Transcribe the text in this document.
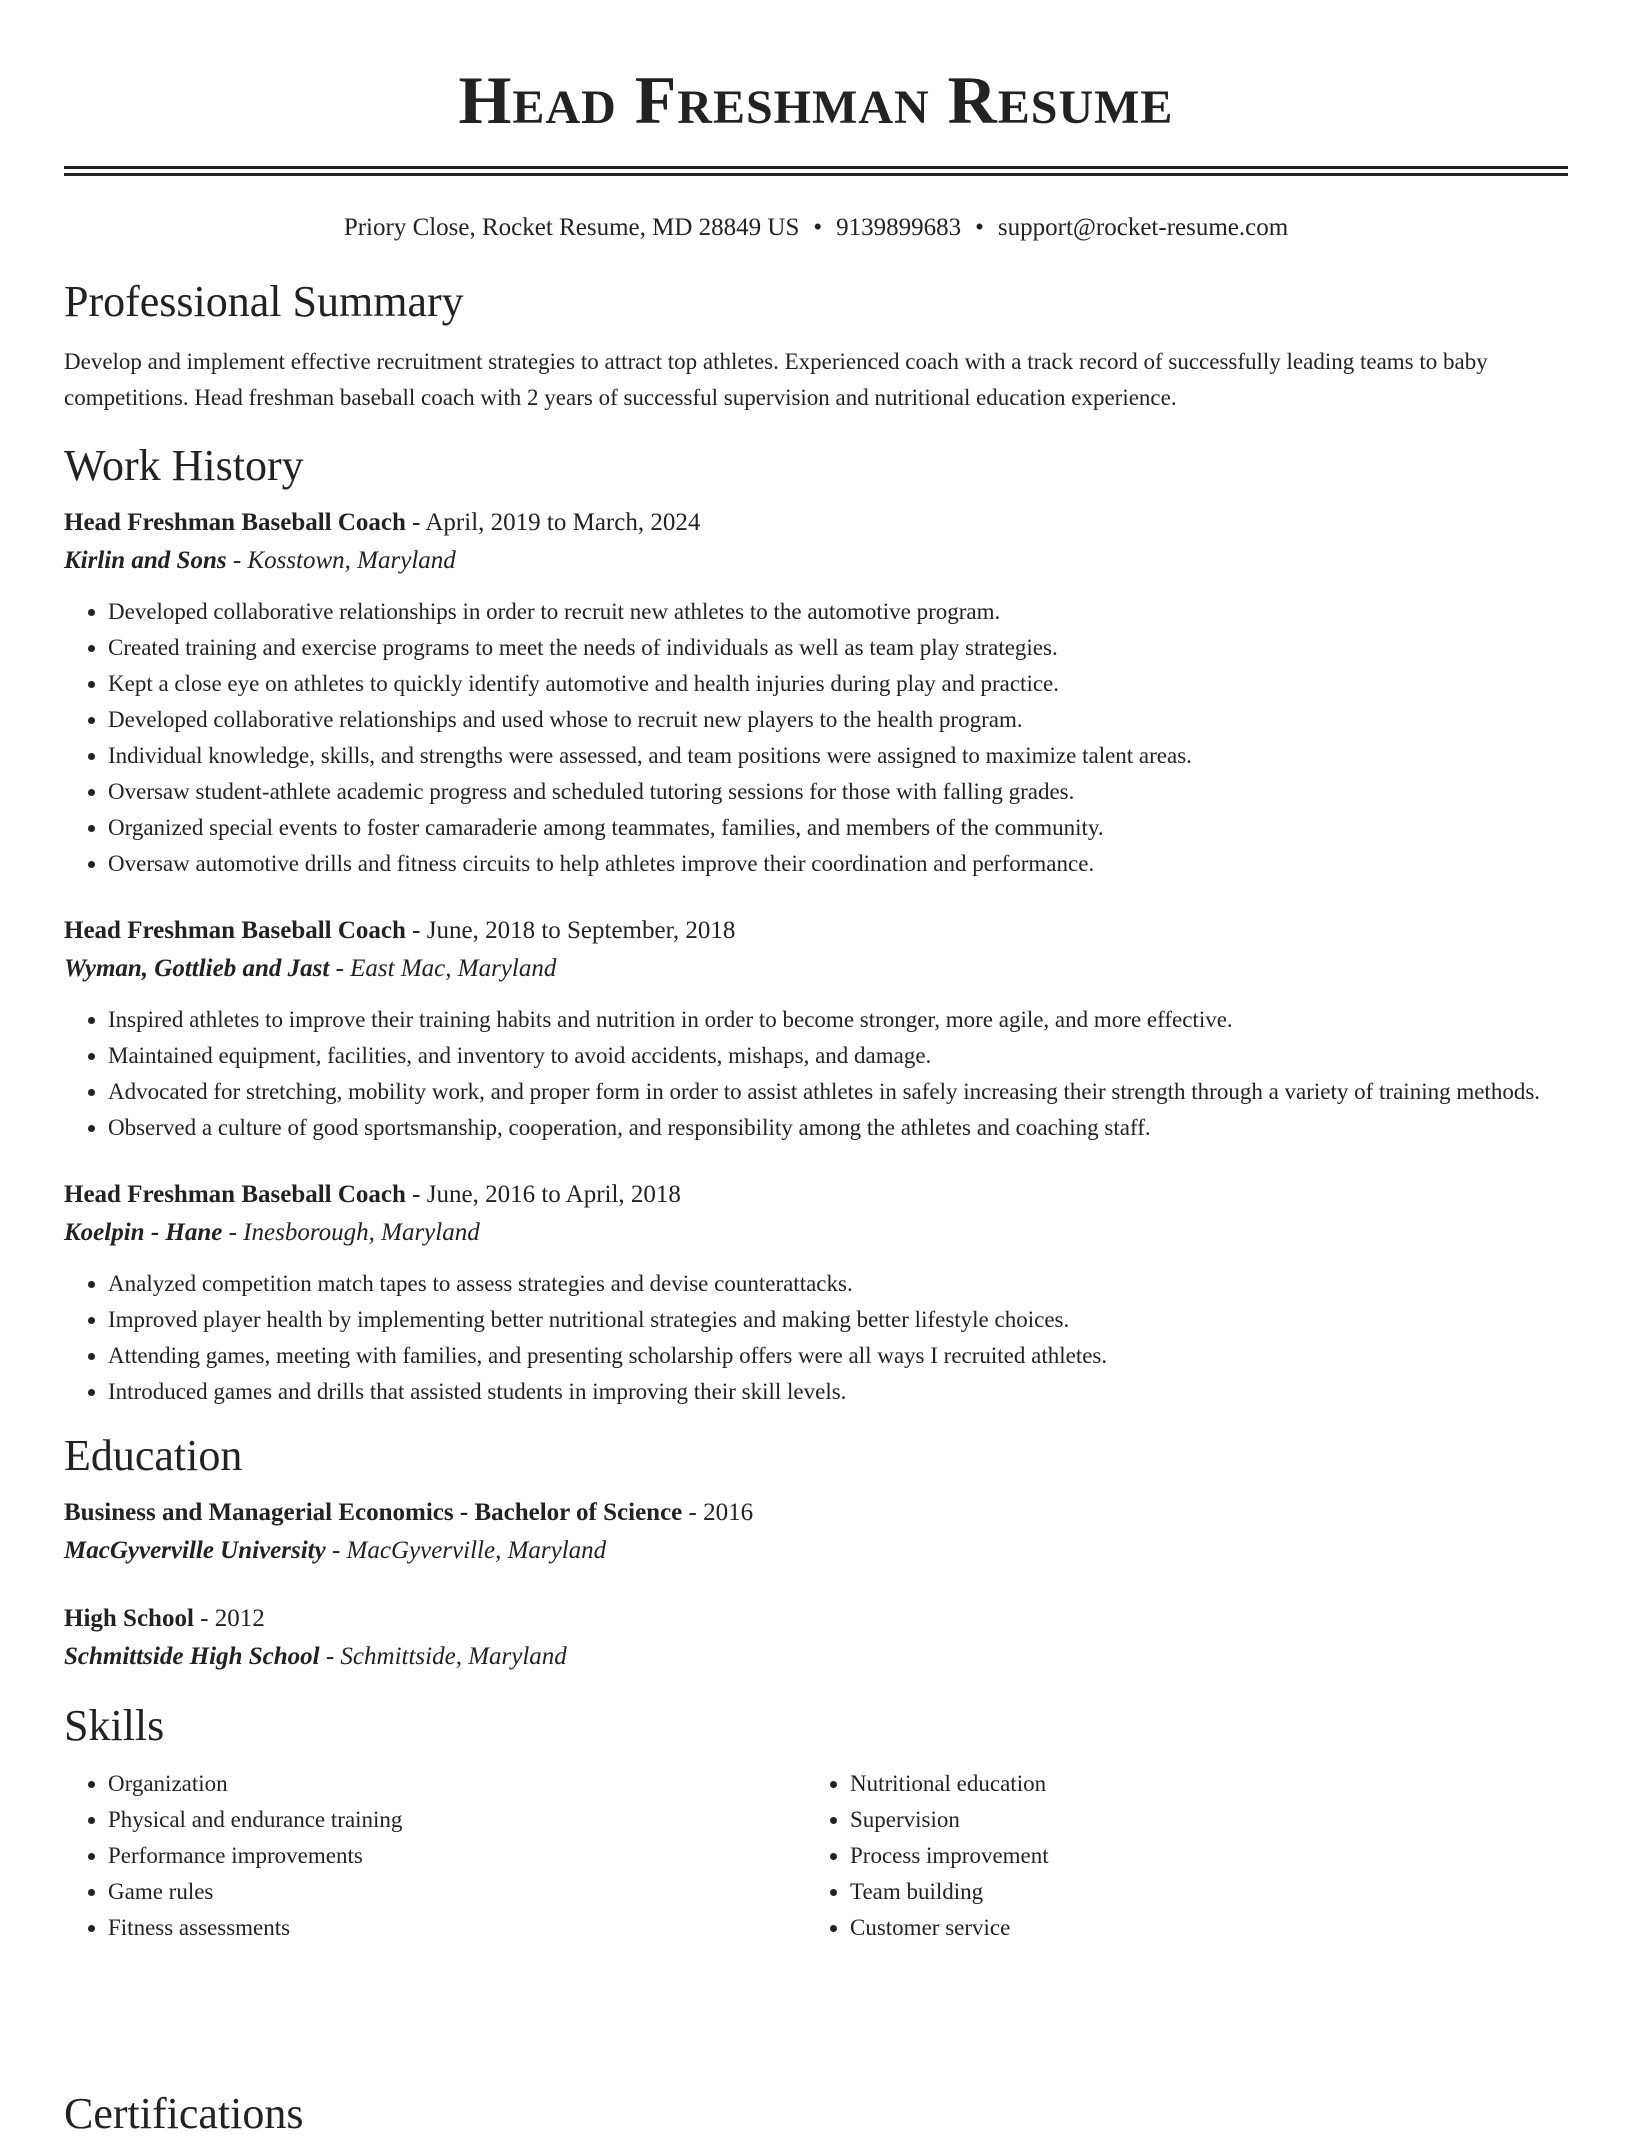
Head Freshman Resume
Priory Close, Rocket Resume, MD 28849 US • 9139899683 • support@rocket-resume.com
Professional Summary

Develop and implement effective recruitment strategies to attract top athletes. Experienced coach with a track record of successfully leading teams to baby competitions. Head freshman baseball coach with 2 years of successful supervision and nutritional education experience.

Work History
Head Freshman Baseball Coach - April, 2019 to March, 2024
Kirlin and Sons - Kosstown, Maryland
• Developed collaborative relationships in order to recruit new athletes to the automotive program.
• Created training and exercise programs to meet the needs of individuals as well as team play strategies.
• Kept a close eye on athletes to quickly identify automotive and health injuries during play and practice.
• Developed collaborative relationships and used whose to recruit new players to the health program.
• Individual knowledge, skills, and strengths were assessed, and team positions were assigned to maximize talent areas.
• Oversaw student-athlete academic progress and scheduled tutoring sessions for those with falling grades.
• Organized special events to foster camaraderie among teammates, families, and members of the community.
• Oversaw automotive drills and fitness circuits to help athletes improve their coordination and performance.
Head Freshman Baseball Coach - June, 2018 to September, 2018
Wyman, Gottlieb and Jast - East Mac, Maryland
• Inspired athletes to improve their training habits and nutrition in order to become stronger, more agile, and more effective.
• Maintained equipment, facilities, and inventory to avoid accidents, mishaps, and damage.
• Advocated for stretching, mobility work, and proper form in order to assist athletes in safely increasing their strength through a variety of training methods.
• Observed a culture of good sportsmanship, cooperation, and responsibility among the athletes and coaching staff.
Head Freshman Baseball Coach - June, 2016 to April, 2018
Koelpin - Hane - Inesborough, Maryland
• Analyzed competition match tapes to assess strategies and devise counterattacks.
• Improved player health by implementing better nutritional strategies and making better lifestyle choices.
• Attending games, meeting with families, and presenting scholarship offers were all ways I recruited athletes.
• Introduced games and drills that assisted students in improving their skill levels.
Education
Business and Managerial Economics - Bachelor of Science - 2016
MacGyverville University - MacGyverville, Maryland
High School - 2012
Schmittside High School - Schmittside, Maryland
Skills
• Organization
• Physical and endurance training
• Performance improvements
• Game rules
• Fitness assessments
• Nutritional education
• Supervision
• Process improvement
• Team building
• Customer service
Certifications
